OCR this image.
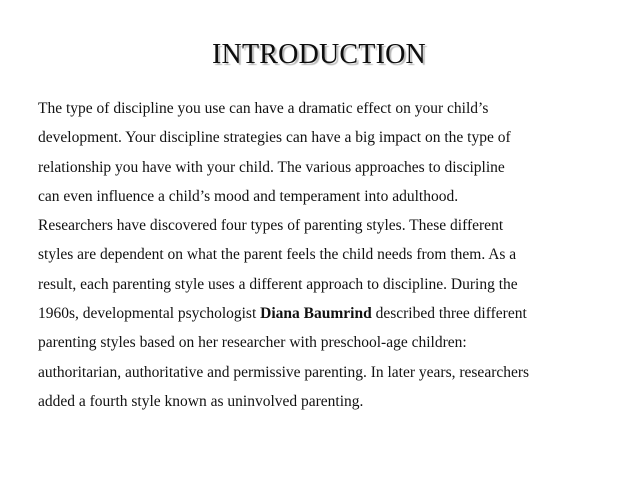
INTRODUCTION
The type of discipline you use can have a dramatic effect on your child’s
development. Your discipline strategies can have a big impact on the type of
relationship you have with your child. The various approaches to discipline
can even influence a child’s mood and temperament into adulthood.
Researchers have discovered four types of parenting styles. These different
styles are dependent on what the parent feels the child needs from them. As a
result, each parenting style uses a different approach to discipline. During the
1960s, developmental psychologist Diana Baumrind described three different
parenting styles based on her researcher with preschool-age children:
authoritarian, authoritative and permissive parenting. In later years, researchers
added a fourth style known as uninvolved parenting.
